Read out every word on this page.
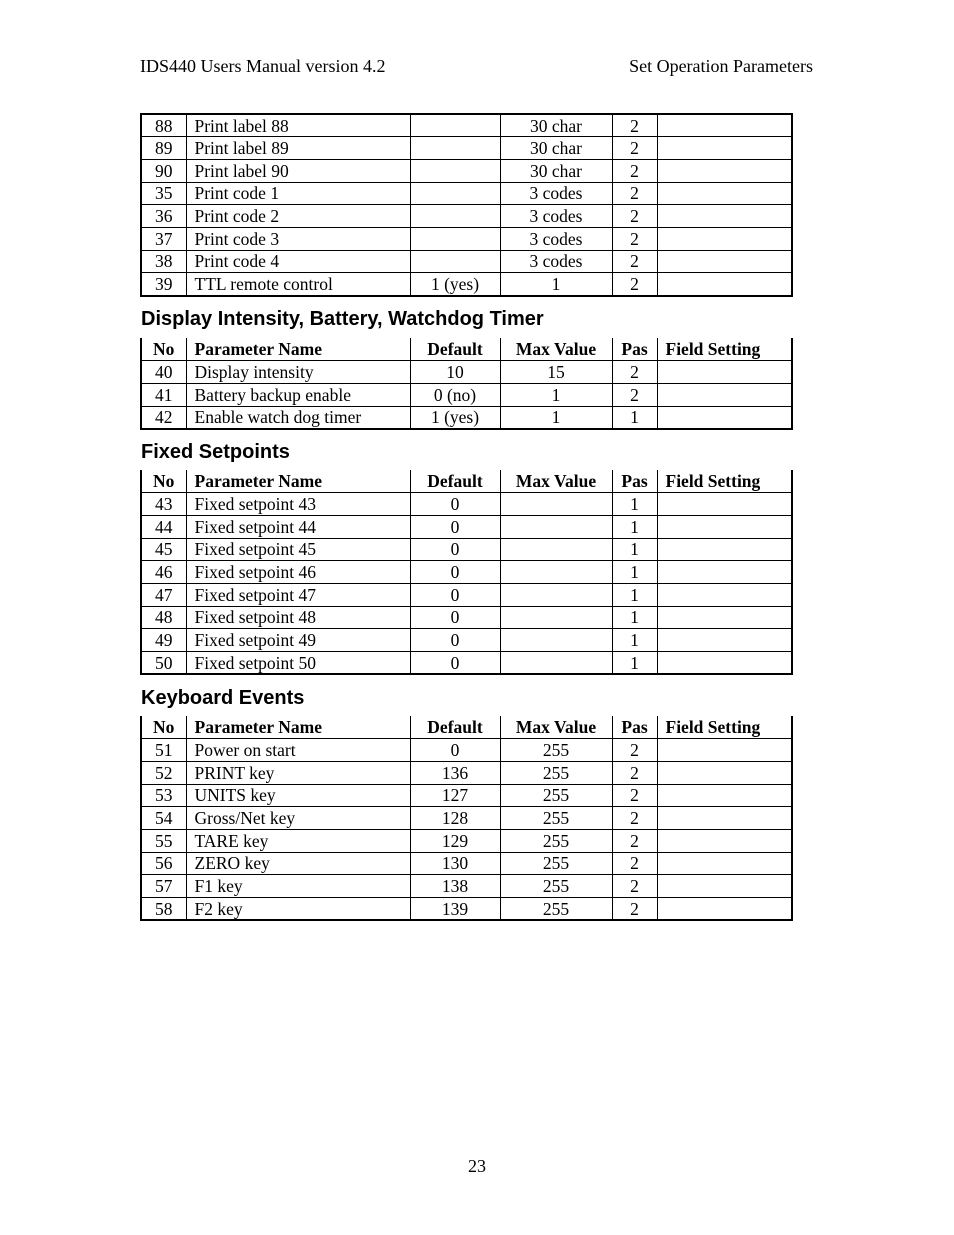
IDS440 Users Manual version 4.2	Set Operation Parameters
88	Print label 88		30 char	2	
89	Print label 89		30 char	2	
90	Print label 90		30 char	2	
35	Print code 1		3 codes	2	
36	Print code 2		3 codes	2	
37	Print code 3		3 codes	2	
38	Print code 4		3 codes	2	
39	TTL remote control	1 (yes)	1	2	
Display Intensity, Battery, Watchdog Timer
No	Parameter Name	Default	Max Value	Pas	Field Setting
40	Display intensity	10	15	2	
41	Battery backup enable	0 (no)	1	2	
42	Enable watch dog timer	1 (yes)	1	1	
Fixed Setpoints
No	Parameter Name	Default	Max Value	Pas	Field Setting
43	Fixed setpoint 43	0		1	
44	Fixed setpoint 44	0		1	
45	Fixed setpoint 45	0		1	
46	Fixed setpoint 46	0		1	
47	Fixed setpoint 47	0		1	
48	Fixed setpoint 48	0		1	
49	Fixed setpoint 49	0		1	
50	Fixed setpoint 50	0		1	
Keyboard Events
No	Parameter Name	Default	Max Value	Pas	Field Setting
51	Power on start	0	255	2	
52	PRINT key	136	255	2	
53	UNITS key	127	255	2	
54	Gross/Net key	128	255	2	
55	TARE key	129	255	2	
56	ZERO key	130	255	2	
57	F1 key	138	255	2	
58	F2 key	139	255	2	
23
